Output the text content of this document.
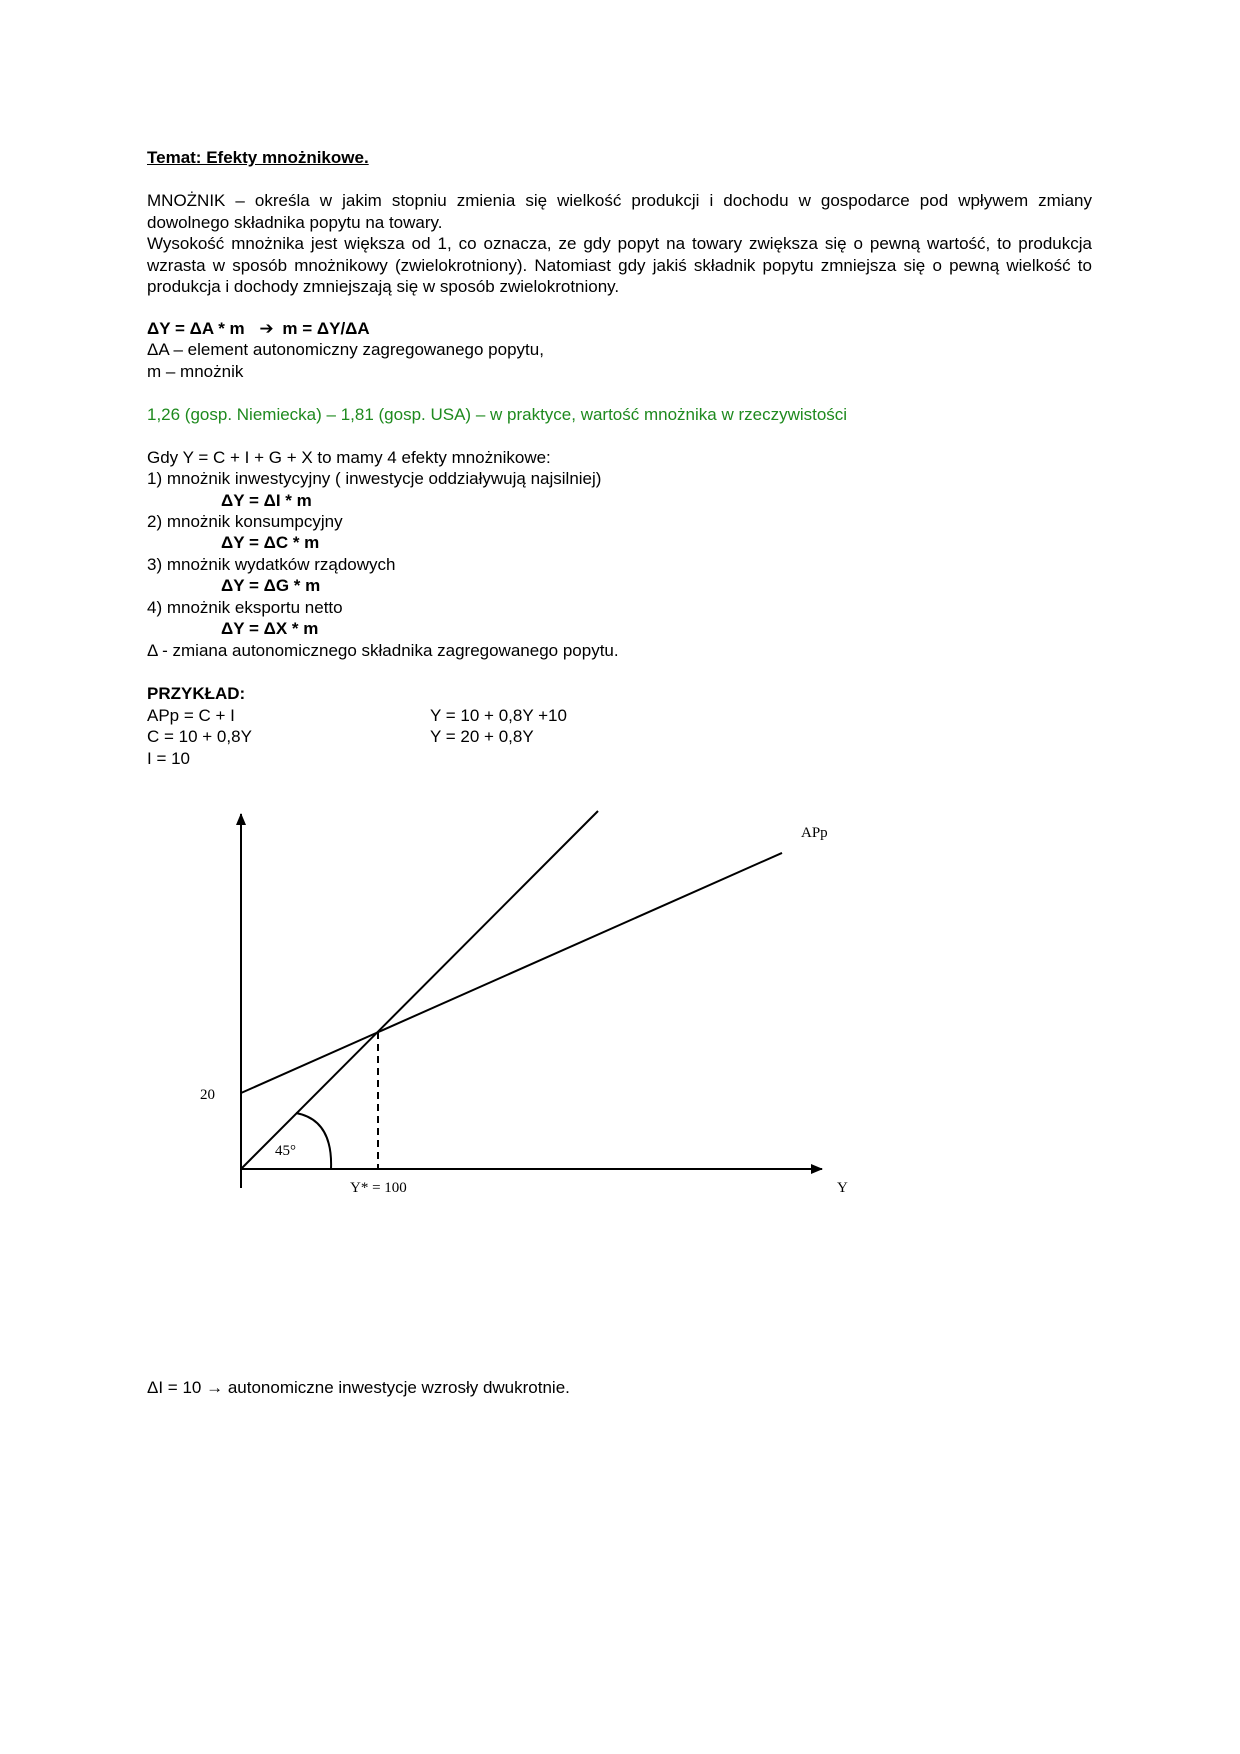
Temat: Efekty mnożnikowe.

MNOŻNIK – określa w jakim stopniu zmienia się wielkość produkcji i dochodu w gospodarce pod wpływem zmiany dowolnego składnika popytu na towary.

Wysokość mnożnika jest większa od 1, co oznacza, ze gdy popyt na towary zwiększa się o pewną wartość, to produkcja wzrasta w sposób mnożnikowy (zwielokrotniony). Natomiast gdy jakiś składnik popytu zmniejsza się o pewną wielkość to produkcja i dochody zmniejszają się w sposób zwielokrotniony.

ΔY = ΔA * m ➔ m = ΔY/ΔA
ΔA – element autonomiczny zagregowanego popytu,
m – mnożnik
1,26 (gosp. Niemiecka) – 1,81 (gosp. USA) – w praktyce, wartość mnożnika w rzeczywistości
Gdy Y = C + I + G + X to mamy 4 efekty mnożnikowe:
1) mnożnik inwestycyjny ( inwestycje oddziaływują najsilniej)
ΔY = ΔI * m
2) mnożnik konsumpcyjny
ΔY = ΔC * m
3) mnożnik wydatków rządowych
ΔY = ΔG * m
4) mnożnik eksportu netto
ΔY = ΔX * m
Δ - zmiana autonomicznego składnika zagregowanego popytu.
PRZYKŁAD:
APp = C + I
C = 10 + 0,8Y
I = 10
Y = 10 + 0,8Y +10
Y = 20 + 0,8Y
APp
20
45°
Y* = 100	Y
ΔI = 10 → autonomiczne inwestycje wzrosły dwukrotnie.
